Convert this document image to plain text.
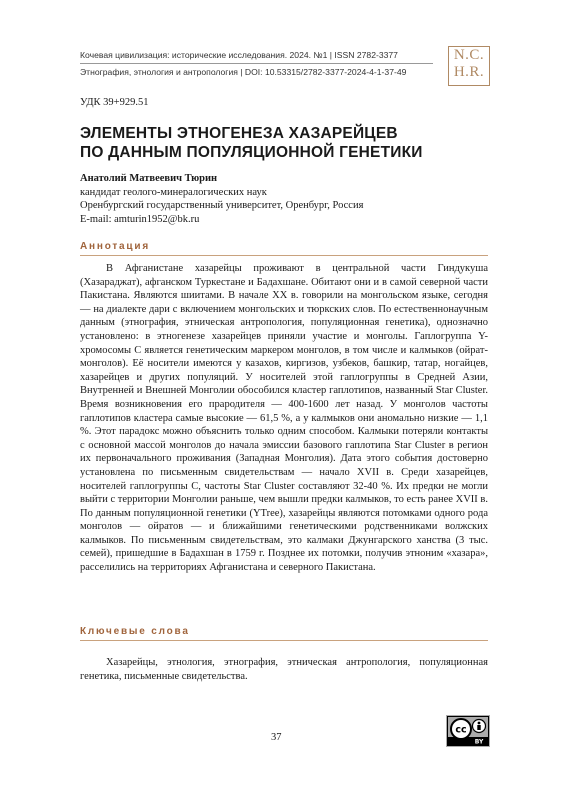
Кочевая цивилизация: исторические исследования. 2024. №1 | ISSN 2782-3377
Этнография, этнология и антропология | DOI: 10.53315/2782-3377-2024-4-1-37-49
N.C.
H.R.
УДК 39+929.51
ЭЛЕМЕНТЫ ЭТНОГЕНЕЗА ХАЗАРЕЙЦЕВ
ПО ДАННЫМ ПОПУЛЯЦИОННОЙ ГЕНЕТИКИ
Анатолий Матвеевич Тюрин
кандидат геолого-минералогических наук
Оренбургский государственный университет, Оренбург, Россия
E-mail: amturin1952@bk.ru
Аннотация

В Афганистане хазарейцы проживают в центральной части Гиндукуша (Хазараджат), афганском Туркестане и Бадахшане. Обитают они и в самой северной части Пакистана. Являются шиитами. В начале XX в. говорили на монгольском языке, сегодня — на диалекте дари с включением монгольских и тюркских слов. По естественнонаучным данным (этнография, этническая антропология, популяционная генетика), однозначно установлено: в этногенезе хазарейцев приняли участие и монголы. Гаплогруппа Y-хромосомы C является генетическим маркером монголов, в том числе и калмыков (ойрат-монголов). Её носители имеются у казахов, киргизов, узбеков, башкир, татар, ногайцев, хазарейцев и других популяций. У носителей этой гаплогруппы в Средней Азии, Внутренней и Внешней Монголии обособился кластер гаплотипов, названный Star Cluster. Время возникновения его прародителя — 400-1600 лет назад. У монголов частоты гаплотипов кластера самые высокие — 61,5 %, а у калмыков они аномально низкие — 1,1 %. Этот парадокс можно объяснить только одним способом. Калмыки потеряли контакты с основной массой монголов до начала эмиссии базового гаплотипа Star Cluster в регион их первоначального проживания (Западная Монголия). Дата этого события достоверно установлена по письменным свидетельствам — начало XVII в. Среди хазарейцев, носителей гаплогруппы C, частоты Star Cluster составляют 32-40 %. Их предки не могли выйти с территории Монголии раньше, чем вышли предки калмыков, то есть ранее XVII в. По данным популяционной генетики (YTree), хазарейцы являются потомками одного рода монголов — ойратов — и ближайшими генетическими родственниками волжских калмыков. По письменным свидетельствам, это калмаки Джунгарского ханства (3 тыс. семей), пришедшие в Бадахшан в 1759 г. Позднее их потомки, получив этноним «хазара», расселились на территориях Афганистана и северного Пакистана.

Ключевые слова

Хазарейцы, этнология, этнография, этническая антропология, популяционная генетика, письменные свидетельства.

37
cc
BY
